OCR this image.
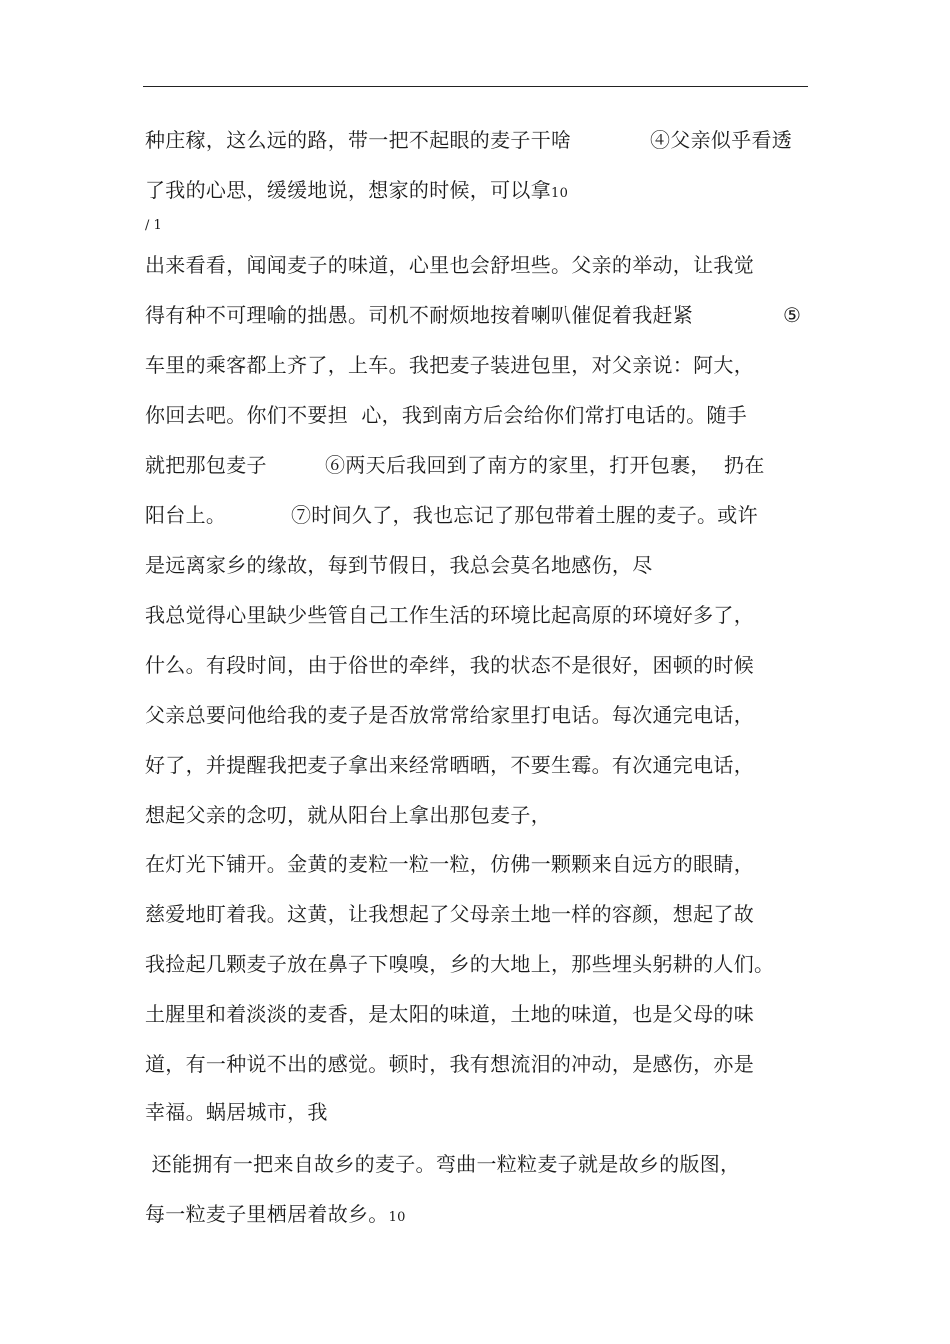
种庄稼，这么远的路，带一把不起眼的麦子干啥	④父亲似乎看透
了我的心思，缓缓地说，想家的时候，可以拿10
/ 1
出来看看，闻闻麦子的味道，心里也会舒坦些。父亲的举动，让我觉
得有种不可理喻的拙愚。司机不耐烦地按着喇叭催促着我赶紧	⑤
车里的乘客都上齐了，上车。我把麦子装进包里，对父亲说：阿大，
你回去吧。你们不要担  心，我到南方后会给你们常打电话的。随手
就把那包麦子	⑥两天后我回到了南方的家里，打开包裹，  扔在
阳台上。	⑦时间久了，我也忘记了那包带着土腥的麦子。或许
是远离家乡的缘故，每到节假日，我总会莫名地感伤，尽
我总觉得心里缺少些管自己工作生活的环境比起高原的环境好多了，
什么。有段时间，由于俗世的牵绊，我的状态不是很好，困顿的时候
父亲总要问他给我的麦子是否放常常给家里打电话。每次通完电话，
好了，并提醒我把麦子拿出来经常晒晒，不要生霉。有次通完电话，
想起父亲的念叨，就从阳台上拿出那包麦子，
在灯光下铺开。金黄的麦粒一粒一粒，仿佛一颗颗来自远方的眼睛，
慈爱地盯着我。这黄，让我想起了父母亲土地一样的容颜，想起了故
我捡起几颗麦子放在鼻子下嗅嗅，乡的大地上，那些埋头躬耕的人们。
土腥里和着淡淡的麦香，是太阳的味道，土地的味道，也是父母的味
道，有一种说不出的感觉。顿时，我有想流泪的冲动，是感伤，亦是
幸福。蜗居城市，我
还能拥有一把来自故乡的麦子。弯曲一粒粒麦子就是故乡的版图，
每一粒麦子里栖居着故乡。10
